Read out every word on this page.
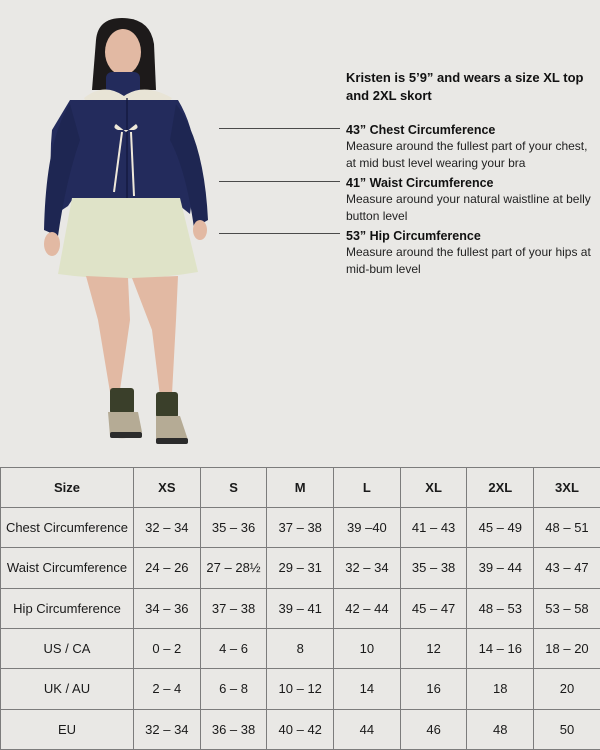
Kristen is 5’9” and wears a size XL top and 2XL skort
43” Chest Circumference
Measure around the fullest part of your chest, at mid bust level wearing your bra
41” Waist Circumference
Measure around your natural waistline at belly button level
53” Hip Circumference
Measure around the fullest part of your hips at mid-bum level
Size	XS	S	M	L	XL	2XL	3XL
Chest Circumference	32 – 34	35 – 36	37 – 38	39 –40	41 – 43	45 – 49	48 – 51
Waist Circumference	24 – 26	27 – 28½	29 – 31	32 – 34	35 – 38	39 – 44	43 – 47
Hip Circumference	34 – 36	37 – 38	39 – 41	42 – 44	45 – 47	48 – 53	53 – 58
US / CA	0 – 2	4 – 6	8	10	12	14 – 16	18 – 20
UK / AU	2 – 4	6 – 8	10 – 12	14	16	18	20
EU	32 – 34	36 – 38	40 – 42	44	46	48	50
